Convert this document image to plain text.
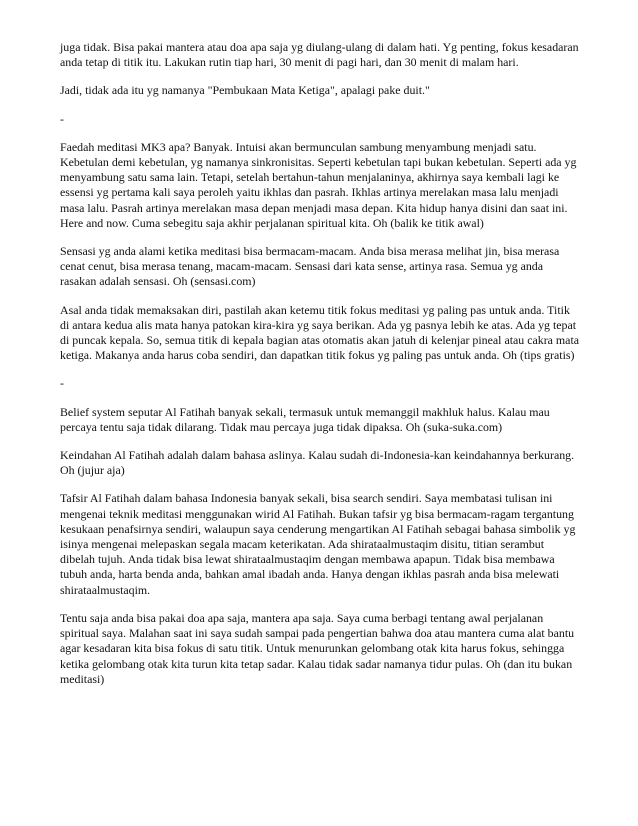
juga tidak. Bisa pakai mantera atau doa apa saja yg diulang-ulang di dalam hati. Yg penting, fokus kesadaran anda tetap di titik itu. Lakukan rutin tiap hari, 30 menit di pagi hari, dan 30 menit di malam hari.

Jadi, tidak ada itu yg namanya "Pembukaan Mata Ketiga", apalagi pake duit."

-

Faedah meditasi MK3 apa? Banyak. Intuisi akan bermunculan sambung menyambung menjadi satu. Kebetulan demi kebetulan, yg namanya sinkronisitas. Seperti kebetulan tapi bukan kebetulan. Seperti ada yg menyambung satu sama lain. Tetapi, setelah bertahun-tahun menjalaninya, akhirnya saya kembali lagi ke essensi yg pertama kali saya peroleh yaitu ikhlas dan pasrah. Ikhlas artinya merelakan masa lalu menjadi masa lalu. Pasrah artinya merelakan masa depan menjadi masa depan. Kita hidup hanya disini dan saat ini. Here and now. Cuma sebegitu saja akhir perjalanan spiritual kita. Oh (balik ke titik awal)

Sensasi yg anda alami ketika meditasi bisa bermacam-macam. Anda bisa merasa melihat jin, bisa merasa cenat cenut, bisa merasa tenang, macam-macam. Sensasi dari kata sense, artinya rasa. Semua yg anda rasakan adalah sensasi. Oh (sensasi.com)

Asal anda tidak memaksakan diri, pastilah akan ketemu titik fokus meditasi yg paling pas untuk anda. Titik di antara kedua alis mata hanya patokan kira-kira yg saya berikan. Ada yg pasnya lebih ke atas. Ada yg tepat di puncak kepala. So, semua titik di kepala bagian atas otomatis akan jatuh di kelenjar pineal atau cakra mata ketiga. Makanya anda harus coba sendiri, dan dapatkan titik fokus yg paling pas untuk anda. Oh (tips gratis)

-

Belief system seputar Al Fatihah banyak sekali, termasuk untuk memanggil makhluk halus. Kalau mau percaya tentu saja tidak dilarang. Tidak mau percaya juga tidak dipaksa. Oh (suka-suka.com)

Keindahan Al Fatihah adalah dalam bahasa aslinya. Kalau sudah di-Indonesia-kan keindahannya berkurang. Oh (jujur aja)

Tafsir Al Fatihah dalam bahasa Indonesia banyak sekali, bisa search sendiri. Saya membatasi tulisan ini mengenai teknik meditasi menggunakan wirid Al Fatihah. Bukan tafsir yg bisa bermacam-ragam tergantung kesukaan penafsirnya sendiri, walaupun saya cenderung mengartikan Al Fatihah sebagai bahasa simbolik yg isinya mengenai melepaskan segala macam keterikatan. Ada shirataalmustaqim disitu, titian serambut dibelah tujuh. Anda tidak bisa lewat shirataalmustaqim dengan membawa apapun. Tidak bisa membawa tubuh anda, harta benda anda, bahkan amal ibadah anda. Hanya dengan ikhlas pasrah anda bisa melewati shirataalmustaqim.

Tentu saja anda bisa pakai doa apa saja, mantera apa saja. Saya cuma berbagi tentang awal perjalanan spiritual saya. Malahan saat ini saya sudah sampai pada pengertian bahwa doa atau mantera cuma alat bantu agar kesadaran kita bisa fokus di satu titik. Untuk menurunkan gelombang otak kita harus fokus, sehingga ketika gelombang otak kita turun kita tetap sadar. Kalau tidak sadar namanya tidur pulas. Oh (dan itu bukan meditasi)
